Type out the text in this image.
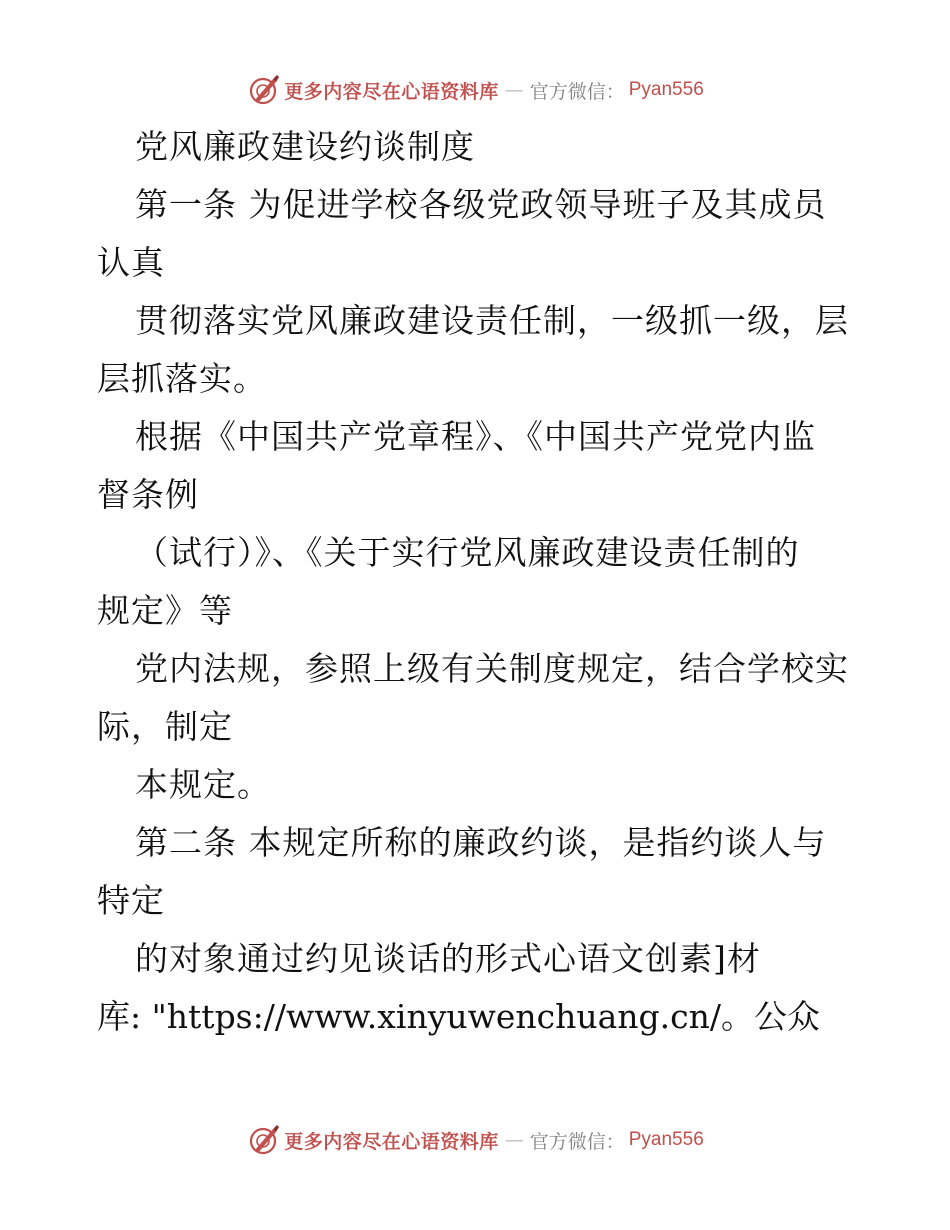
更多内容尽在心语资料库 — 官方微信： Pyan556
党风廉政建设约谈制度
第一条 为促进学校各级党政领导班子及其成员
认真
贯彻落实党风廉政建设责任制，一级抓一级，层
层抓落实。
根据《中国共产党章程》、《中国共产党党内监
督条例
（试行）》、《关于实行党风廉政建设责任制的
规定》等
党内法规，参照上级有关制度规定，结合学校实
际，制定
本规定。
第二条 本规定所称的廉政约谈，是指约谈人与
特定
的对象通过约见谈话的形式心语文创素]材
库: "https://www.xinyuwenchuang.cn/。公众
更多内容尽在心语资料库 — 官方微信： Pyan556
